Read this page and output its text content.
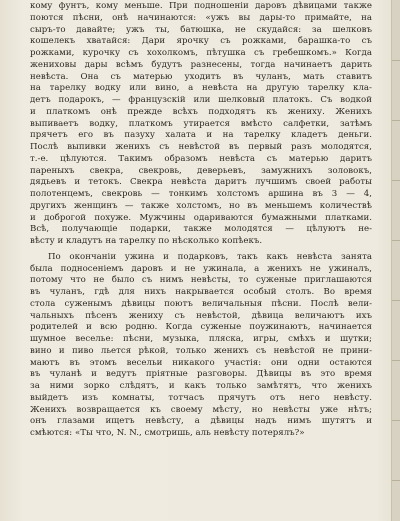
кому фунтъ, кому меньше. При подношеніи даровъ дѣвицами также
поются пѣсни, онѣ начинаются: «ужъ вы дары-то примайте, на
сыръ-то давайте; ужъ ты, батюшка, не скудайся: за шелковъ
кошелекъ хватайся: Дари ярочку съ рожками, барашка-то съ
рожками, курочку съ хохолкомъ, пѣтушка съ гребешкомъ.» Когда
жениховы дары всѣмъ будутъ разнесены, тогда начинаетъ дарить
невѣста. Она съ матерью уходитъ въ чуланъ, мать ставитъ
на тарелку водку или вино, а невѣста на другую тарелку кла-
детъ подарокъ, — французскій или шелковый платокъ. Съ водкой
и платкомъ онѣ прежде всѣхъ подходятъ къ жениху. Женихъ
выпиваетъ водку, платкомъ утирается вмѣсто салфетки, затѣмъ
прячетъ его въ пазуху халата и на тарелку кладетъ деньги.
Послѣ выпивки женихъ съ невѣстой въ первый разъ молодятся,
т.-е. цѣлуются. Такимъ образомъ невѣста съ матерью даритъ
пареныхъ свекра, свекровь, деверьевъ, замужнихъ золовокъ,
дядьевъ и тетокъ. Свекра невѣста даритъ лучшимъ своей работы
полотенцемъ, свекровь — тонкимъ холстомъ аршина въ 3 — 4,
другихъ женщинъ — также холстомъ, но въ меньшемъ количествѣ
и доброгой похуже. Мужчины одариваются бумажными платками.
Всѣ, получающіе подарки, также молодятся — цѣлуютъ не-
вѣсту и кладутъ на тарелку по нѣсколько копѣекъ.
По окончаніи ужина и подарковъ, такъ какъ невѣста занята
была подносеніемъ даровъ и не ужинала, а женихъ не ужиналъ,
потому что не было съ нимъ невѣсты, то суженые приглашаются
въ чуланъ, гдѣ для нихъ накрывается особый столъ. Во время
стола суженымъ дѣвицы поютъ величальныя пѣсни. Послѣ вели-
чальныхъ пѣсенъ жениху съ невѣстой, дѣвица величаютъ ихъ
родителей и всю родню. Когда суженые поужинаютъ, начинается
шумное веселье: пѣсни, музыка, пляска, игры, смѣхъ и шутки;
вино и пиво льется рѣкой, только женихъ съ невѣстой не прини-
маютъ въ этомъ весельи никакого участія: они одни остаются
въ чуланѣ и ведутъ пріятные разговоры. Дѣвицы въ это время
за ними зорко слѣдятъ, и какъ только замѣтятъ, что женихъ
выйдетъ изъ комнаты, тотчасъ прячутъ отъ него невѣсту.
Женихъ возвращается къ своему мѣсту, но невѣсты уже нѣтъ;
онъ глазами ищетъ невѣсту, а дѣвицы надъ нимъ шутятъ и
смѣются: «Ты что, N. N., смотришь, аль невѣсту потерялъ?»
